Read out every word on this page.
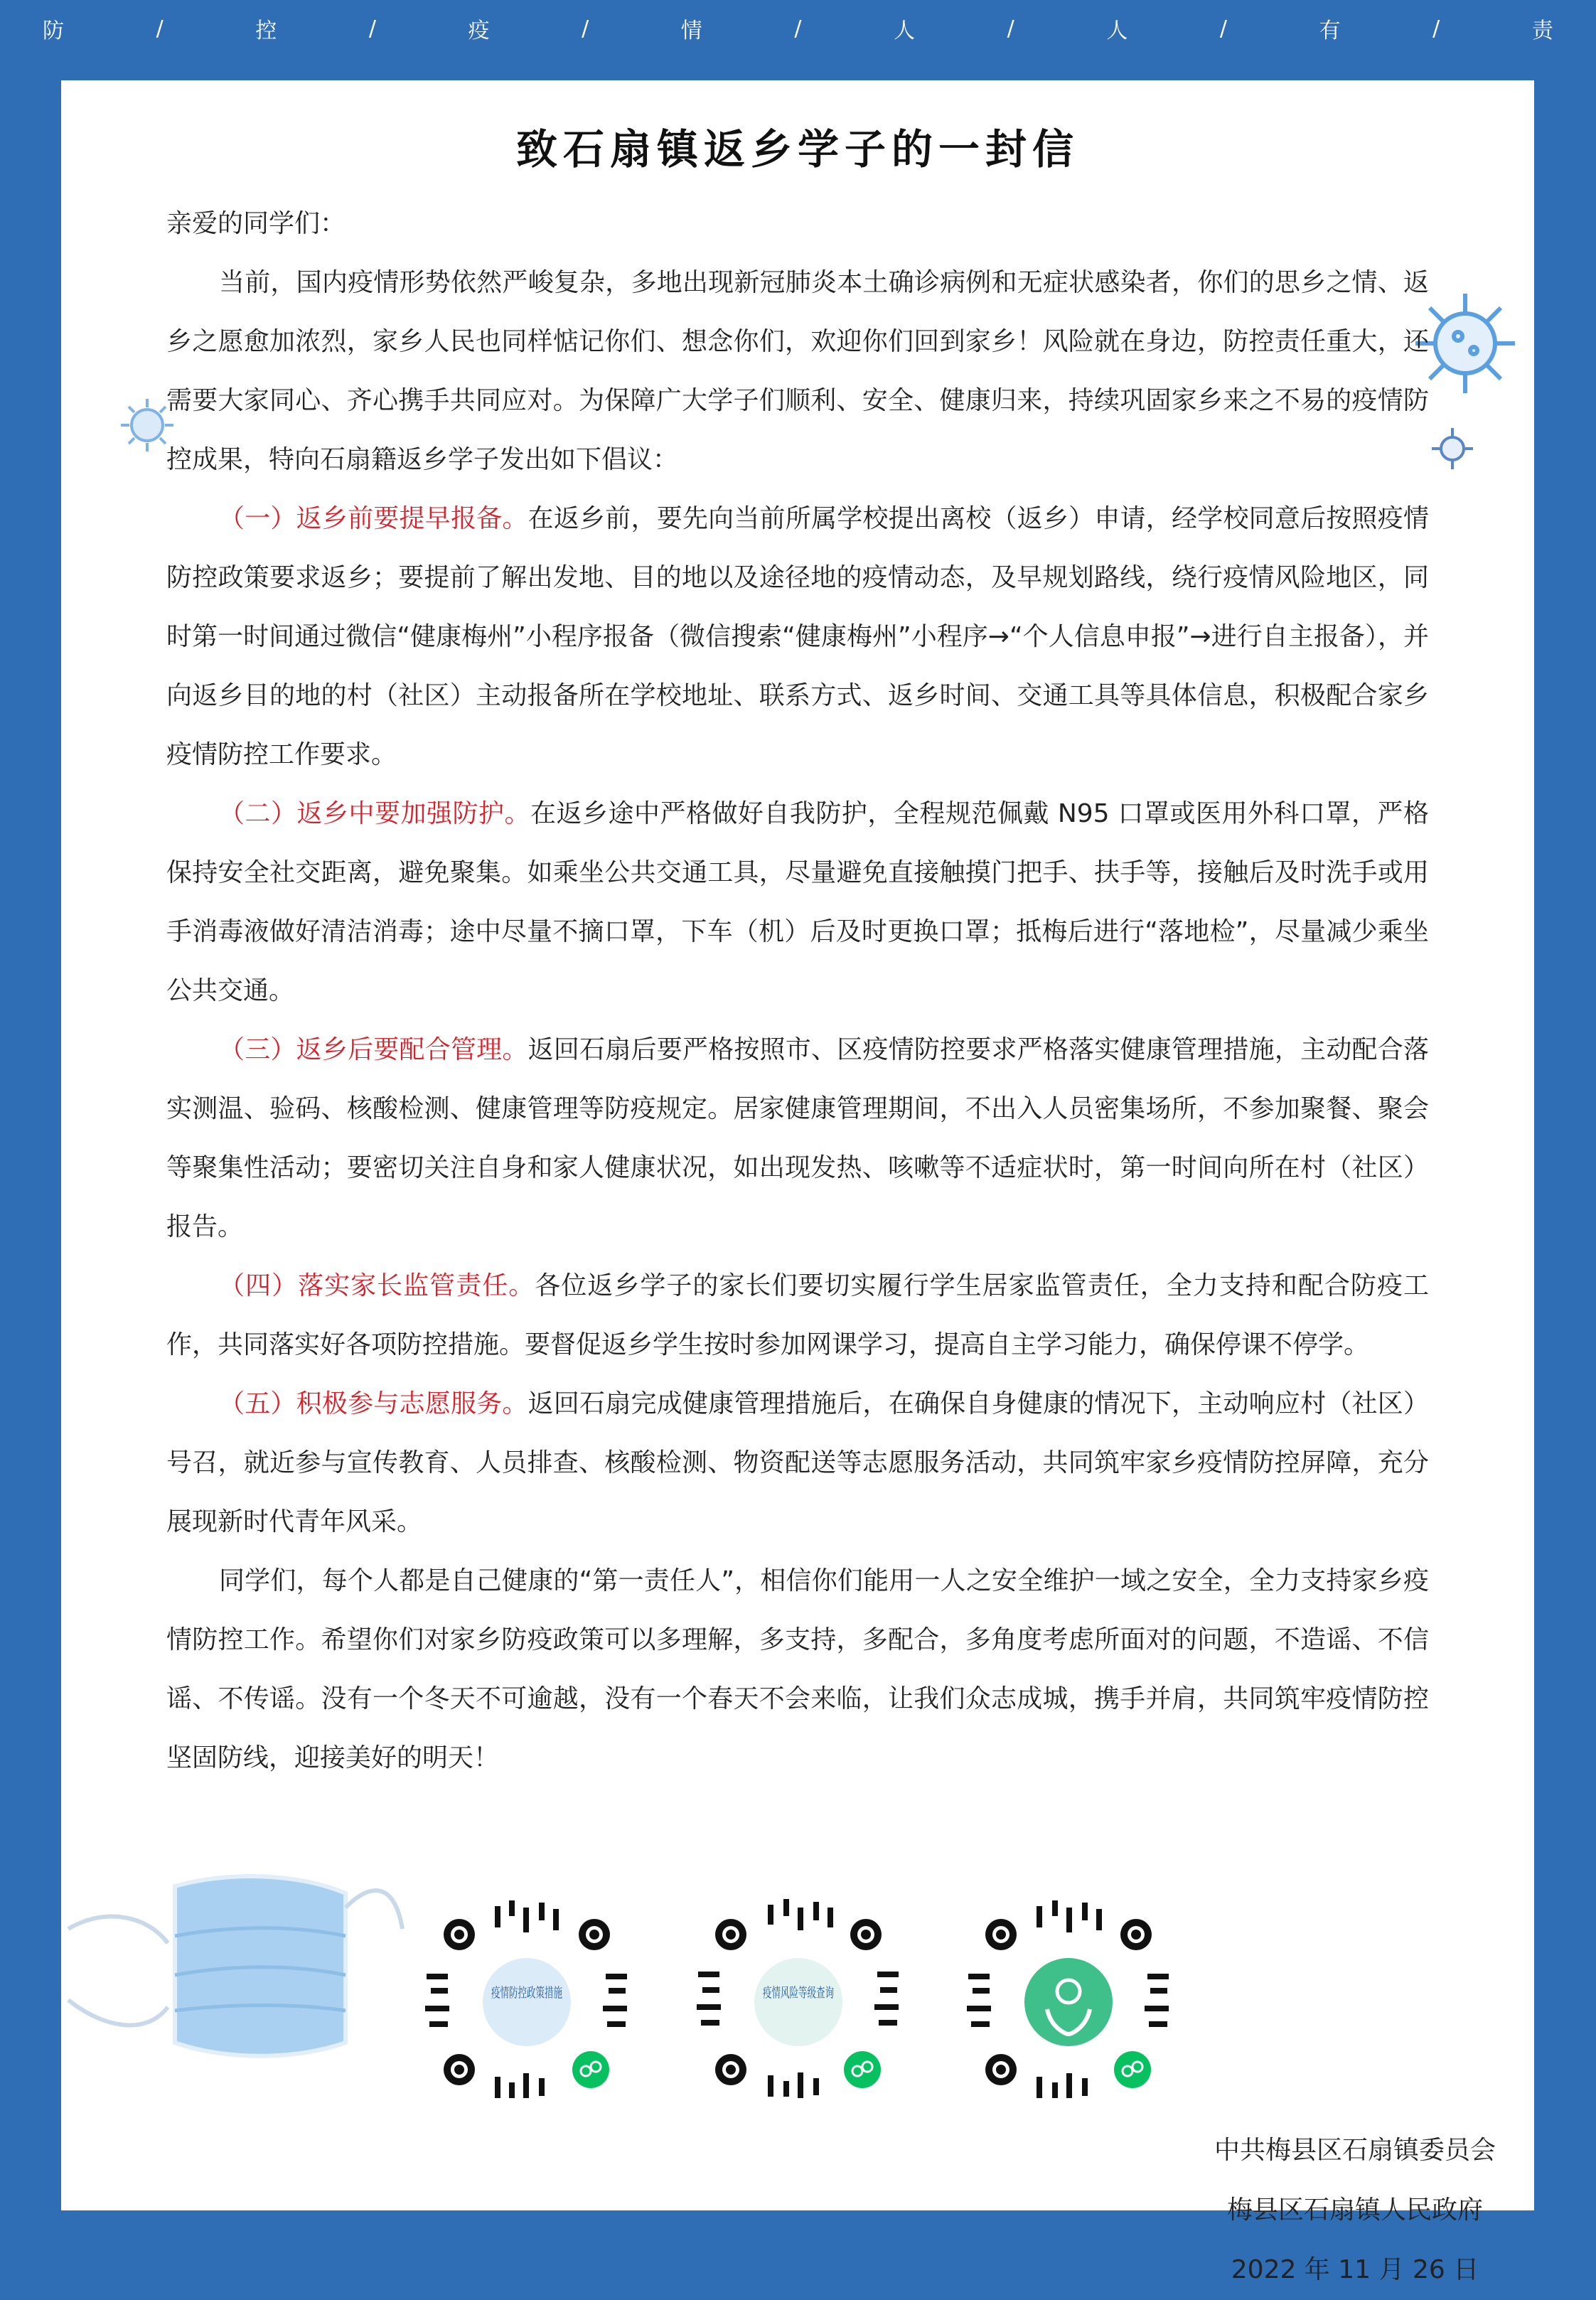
防	/	控	/	疫	/	情	/	人	/	人	/	有	/	责
致石扇镇返乡学子的一封信

亲爱的同学们：

当前，国内疫情形势依然严峻复杂，多地出现新冠肺炎本土确诊病例和无症状感染者，你们的思乡之情、返乡之愿愈加浓烈，家乡人民也同样惦记你们、想念你们，欢迎你们回到家乡！风险就在身边，防控责任重大，还需要大家同心、齐心携手共同应对。为保障广大学子们顺利、安全、健康归来，持续巩固家乡来之不易的疫情防控成果，特向石扇籍返乡学子发出如下倡议：

（一）返乡前要提早报备。在返乡前，要先向当前所属学校提出离校（返乡）申请，经学校同意后按照疫情防控政策要求返乡；要提前了解出发地、目的地以及途径地的疫情动态，及早规划路线，绕行疫情风险地区，同时第一时间通过微信“健康梅州”小程序报备（微信搜索“健康梅州”小程序→“个人信息申报”→进行自主报备），并向返乡目的地的村（社区）主动报备所在学校地址、联系方式、返乡时间、交通工具等具体信息，积极配合家乡疫情防控工作要求。

（二）返乡中要加强防护。在返乡途中严格做好自我防护，全程规范佩戴 N95 口罩或医用外科口罩，严格保持安全社交距离，避免聚集。如乘坐公共交通工具，尽量避免直接触摸门把手、扶手等，接触后及时洗手或用手消毒液做好清洁消毒；途中尽量不摘口罩，下车（机）后及时更换口罩；抵梅后进行“落地检”，尽量减少乘坐公共交通。

（三）返乡后要配合管理。返回石扇后要严格按照市、区疫情防控要求严格落实健康管理措施，主动配合落实测温、验码、核酸检测、健康管理等防疫规定。居家健康管理期间，不出入人员密集场所，不参加聚餐、聚会等聚集性活动；要密切关注自身和家人健康状况，如出现发热、咳嗽等不适症状时，第一时间向所在村（社区）报告。

（四）落实家长监管责任。各位返乡学子的家长们要切实履行学生居家监管责任，全力支持和配合防疫工作，共同落实好各项防控措施。要督促返乡学生按时参加网课学习，提高自主学习能力，确保停课不停学。

（五）积极参与志愿服务。返回石扇完成健康管理措施后，在确保自身健康的情况下，主动响应村（社区）号召，就近参与宣传教育、人员排查、核酸检测、物资配送等志愿服务活动，共同筑牢家乡疫情防控屏障，充分展现新时代青年风采。

同学们，每个人都是自己健康的“第一责任人”，相信你们能用一人之安全维护一域之安全，全力支持家乡疫情防控工作。希望你们对家乡防疫政策可以多理解，多支持，多配合，多角度考虑所面对的问题，不造谣、不信谣、不传谣。没有一个冬天不可逾越，没有一个春天不会来临，让我们众志成城，携手并肩，共同筑牢疫情防控坚固防线，迎接美好的明天！

疫情防控政策措施	疫情风险等级查询
中共梅县区石扇镇委员会
梅县区石扇镇人民政府
2022 年 11 月 26 日
